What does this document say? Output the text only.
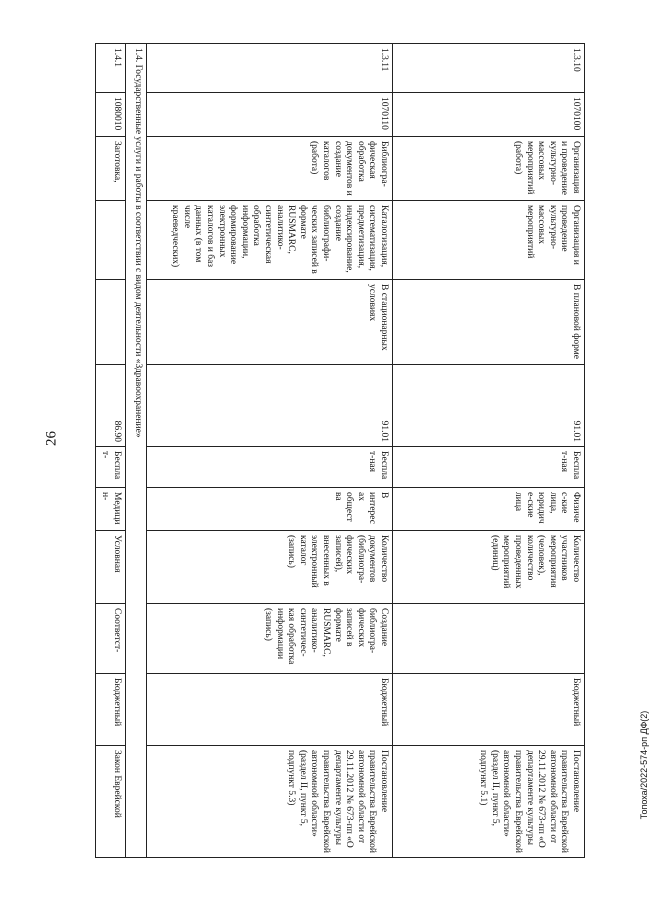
26
1.3.10	1070100	Организация и проведение культурно-массовых мероприятий (работа)	Организация и проведение культурно-массовых мероприятий	В плановой форме	91.01	Бесплат-ная	Физичес-кие лица, юридиче-ские лица	Количество участников мероприятия (человек), количество проведенных мероприятий (единиц)		Бюджетный	Постановление правительства Еврейской автономной области от 29.11.2012 № 673-пп «О департаменте культуры правительства Еврейской автономной области» (раздел II, пункт 5, подпункт 5.1)
1.3.11	1070110	Библиогра-фическая обработка документов и создание каталогов (работа)	Каталогизация, систематизация, предметизация, индексирование, создание библиографи-ческих записей в формате RUSMARC, аналитико-синтетическая обработка информации, формирование электронных каталогов и баз данных (в том числе краеведческих)	В стационарных условиях	91.01	Бесплат-ная	В интересах общества	Количество документов (библиогра-фических записей), внесенных в электронный каталог (запись)	Создание библиогра-фических записей в формате RUSMARC, аналитико-синтетичес-кая обработка информации (запись)	Бюджетный	Постановление правительства Еврейской автономной области от 29.11.2012 № 673-пп «О департаменте культуры правительства Еврейской автономной области» (раздел II, пункт 5, подпункт 5.3)
1.4. Государственные услуги и работы в соответствии с видом деятельности «Здравоохранение»											
1.4.1	1080010	Заготовка,			86.90	Бесплат-	Медицин-	Условная	Соответст-	Бюджетный	Закон Еврейской	Топоха/2022-574-рп ДФ(2)
